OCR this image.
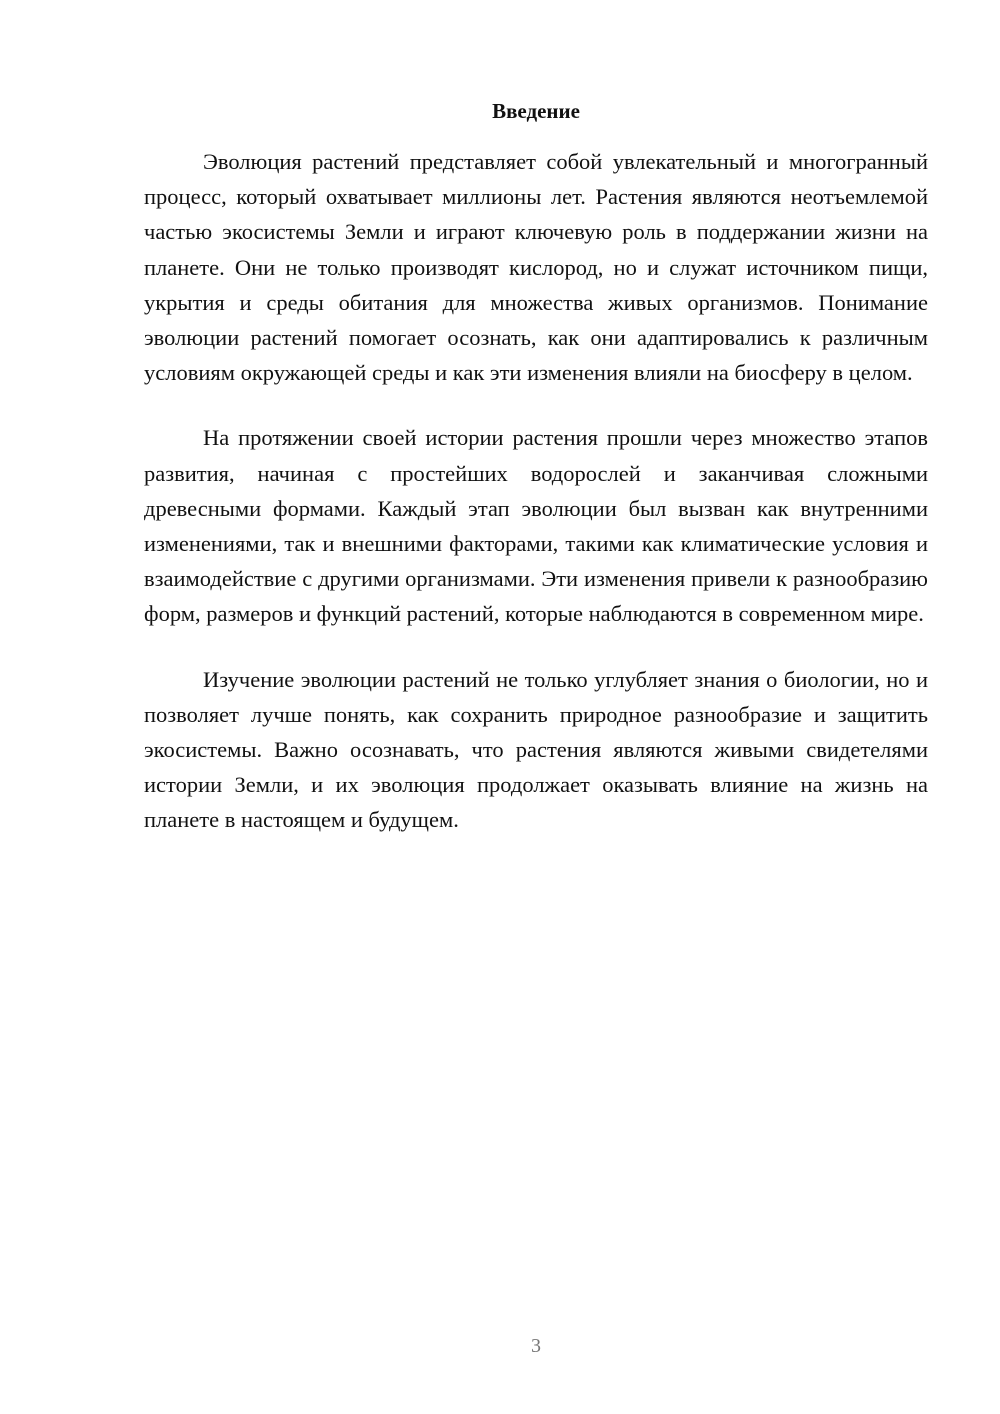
Введение

Эволюция растений представляет собой увлекательный и многогранный процесс, который охватывает миллионы лет. Растения являются неотъемлемой частью экосистемы Земли и играют ключевую роль в поддержании жизни на планете. Они не только производят кислород, но и служат источником пищи, укрытия и среды обитания для множества живых организмов. Понимание эволюции растений помогает осознать, как они адаптировались к различным условиям окружающей среды и как эти изменения влияли на биосферу в целом.

На протяжении своей истории растения прошли через множество этапов развития, начиная с простейших водорослей и заканчивая сложными древесными формами. Каждый этап эволюции был вызван как внутренними изменениями, так и внешними факторами, такими как климатические условия и взаимодействие с другими организмами. Эти изменения привели к разнообразию форм, размеров и функций растений, которые наблюдаются в современном мире.

Изучение эволюции растений не только углубляет знания о биологии, но и позволяет лучше понять, как сохранить природное разнообразие и защитить экосистемы. Важно осознавать, что растения являются живыми свидетелями истории Земли, и их эволюция продолжает оказывать влияние на жизнь на планете в настоящем и будущем.

3
